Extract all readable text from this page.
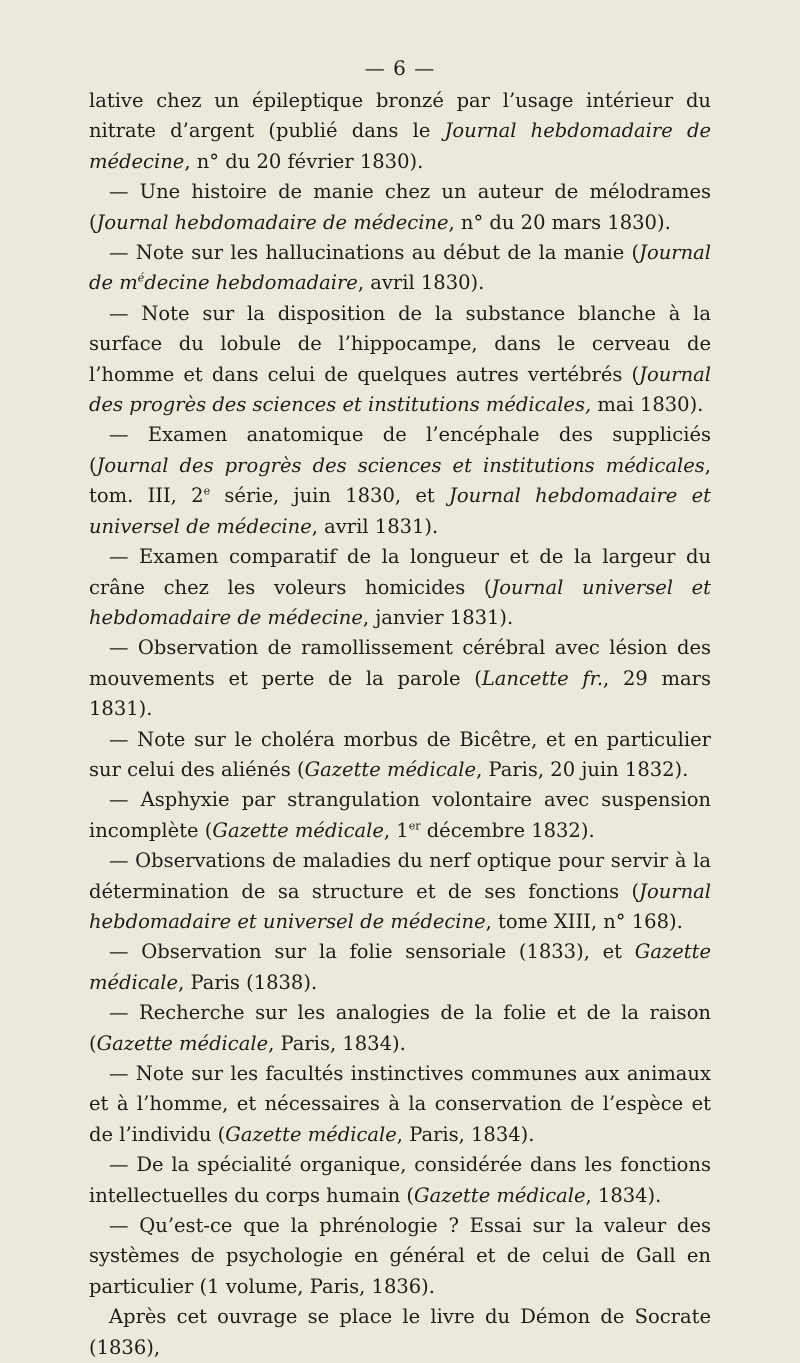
— 6 —

lative chez un épileptique bronzé par l’usage intérieur du nitrate d’argent (publié dans le Journal hebdomadaire de médecine, n° du 20 février 1830).

— Une histoire de manie chez un auteur de mélodrames (Journal hebdomadaire de médecine, n° du 20 mars 1830).

— Note sur les hallucinations au début de la manie (Journal de $m^édecine$ hebdomadaire, avril 1830).

— Note sur la disposition de la substance blanche à la surface du lobule de l’hippocampe, dans le cerveau de l’homme et dans celui de quelques autres vertébrés (Journal des progrès des sciences et institutions médicales, mai 1830).

— Examen anatomique de l’encéphale des suppliciés (Journal des progrès des sciences et institutions médicales, tom. III, 2e série, juin 1830, et Journal hebdomadaire et universel de médecine, avril 1831).

— Examen comparatif de la longueur et de la largeur du crâne chez les voleurs homicides (Journal universel et hebdomadaire de médecine, janvier 1831).

— Observation de ramollissement cérébral avec lésion des mouvements et perte de la parole (Lancette fr., 29 mars 1831).

— Note sur le choléra morbus de Bicêtre, et en particulier sur celui des aliénés (Gazette médicale, Paris, 20 juin 1832).

— Asphyxie par strangulation volontaire avec suspension incomplète (Gazette médicale, 1er décembre 1832).

— Observations de maladies du nerf optique pour servir à la détermination de sa structure et de ses fonctions (Journal hebdomadaire et universel de médecine, tome XIII, n° 168).

— Observation sur la folie sensoriale (1833), et Gazette médicale, Paris (1838).

— Recherche sur les analogies de la folie et de la raison (Gazette médicale, Paris, 1834).

— Note sur les facultés instinctives communes aux animaux et à l’homme, et nécessaires à la conservation de l’espèce et de l’individu (Gazette médicale, Paris, 1834).

— De la spécialité organique, considérée dans les fonctions intellectuelles du corps humain (Gazette médicale, 1834).

— Qu’est-ce que la phrénologie ? Essai sur la valeur des systèmes de psychologie en général et de celui de Gall en particulier (1 volume, Paris, 1836).

Après cet ouvrage se place le livre du Démon de Socrate (1836),
